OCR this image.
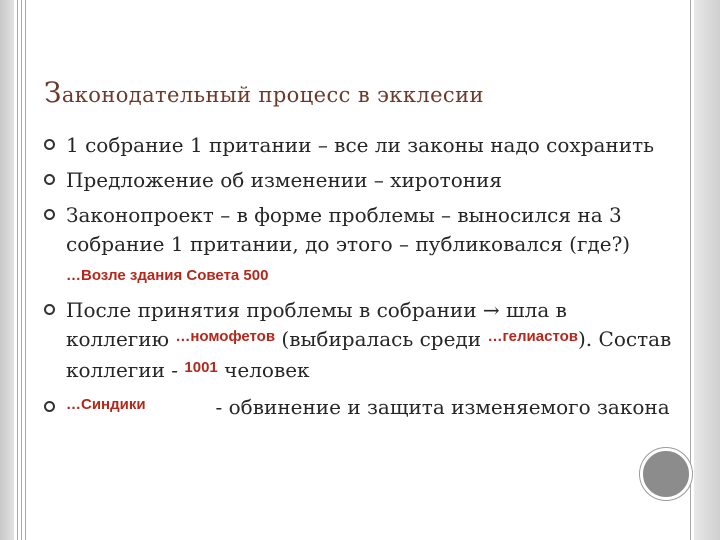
Законодательный процесс в экклесии
1 собрание 1 притании – все ли законы надо сохранить
Предложение об изменении – хиротония
Законопроект – в форме проблемы – выносился на 3 собрание 1 притании, до этого – публиковался (где?) …Возле здания Совета 500
После принятия проблемы в собрании → шла в коллегию $^{\dots номофетов}$ (выбиралась среди $^{\dots гелиастов}$). Состав коллегии - $^{1001}$ человек
$^{\dots Синдики}$           - обвинение и защита изменяемого закона
